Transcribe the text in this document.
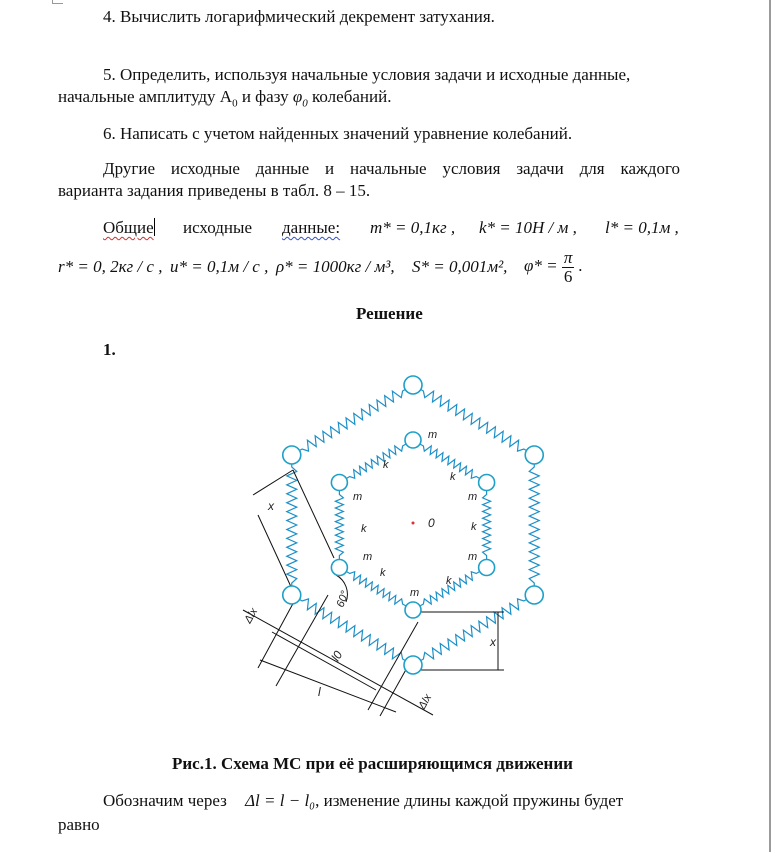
4. Вычислить логарифмический декремент затухания.
5. Определить, используя начальные условия задачи и исходные данные,
начальные амплитуду $А_0$ и фазу $\varphi_0$ колебаний.
6. Написать с учетом найденных значений уравнение колебаний.
Другие исходные данные и начальные условия задачи для каждого
варианта задания приведены в табл. 8 – 15.
Общие исходные данные: m* = 0,1кг , k* = 10H / м , l* = 0,1м ,
r* = 0, 2кг / с , u* = 0,1м / с , ρ* = 1000кг / м³, S* = 0,001м², $\varphi* = \frac{\pi}{6}$ .
Решение
1.
m
k
k
m	m
k	k
0
m	m
k
k
m
x
x
60°
l0
l
Δlx
Δlx
Рис.1. Схема МС при её расширяющимся движении
Обозначим через Δl = l − l₀, изменение длины каждой пружины будет
равно
